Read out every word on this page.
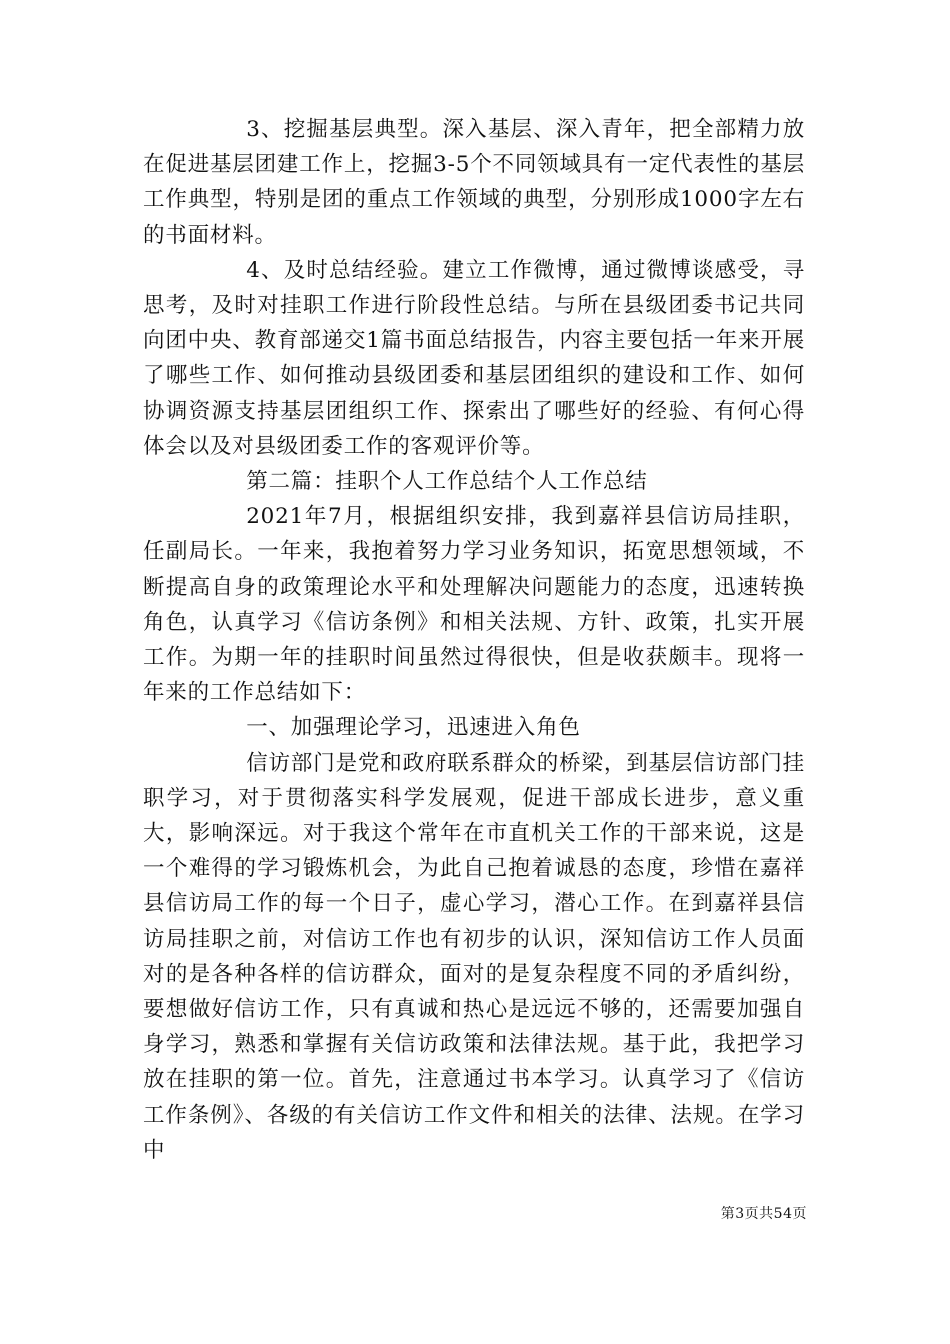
3、挖掘基层典型。深入基层、深入青年，把全部精力放在促进基层团建工作上，挖掘3-5个不同领域具有一定代表性的基层工作典型，特别是团的重点工作领域的典型，分别形成1000字左右的书面材料。

4、及时总结经验。建立工作微博，通过微博谈感受，寻思考，及时对挂职工作进行阶段性总结。与所在县级团委书记共同向团中央、教育部递交1篇书面总结报告，内容主要包括一年来开展了哪些工作、如何推动县级团委和基层团组织的建设和工作、如何协调资源支持基层团组织工作、探索出了哪些好的经验、有何心得体会以及对县级团委工作的客观评价等。

第二篇：挂职个人工作总结个人工作总结

2021年7月，根据组织安排，我到嘉祥县信访局挂职，任副局长。一年来，我抱着努力学习业务知识，拓宽思想领域，不断提高自身的政策理论水平和处理解决问题能力的态度，迅速转换角色，认真学习《信访条例》和相关法规、方针、政策，扎实开展工作。为期一年的挂职时间虽然过得很快，但是收获颇丰。现将一年来的工作总结如下：

一、加强理论学习，迅速进入角色

信访部门是党和政府联系群众的桥梁，到基层信访部门挂职学习，对于贯彻落实科学发展观，促进干部成长进步，意义重大，影响深远。对于我这个常年在市直机关工作的干部来说，这是一个难得的学习锻炼机会，为此自己抱着诚恳的态度，珍惜在嘉祥县信访局工作的每一个日子，虚心学习，潜心工作。在到嘉祥县信访局挂职之前，对信访工作也有初步的认识，深知信访工作人员面对的是各种各样的信访群众，面对的是复杂程度不同的矛盾纠纷，要想做好信访工作，只有真诚和热心是远远不够的，还需要加强自身学习，熟悉和掌握有关信访政策和法律法规。基于此，我把学习放在挂职的第一位。首先，注意通过书本学习。认真学习了《信访工作条例》、各级的有关信访工作文件和相关的法律、法规。在学习中

第3页共54页
